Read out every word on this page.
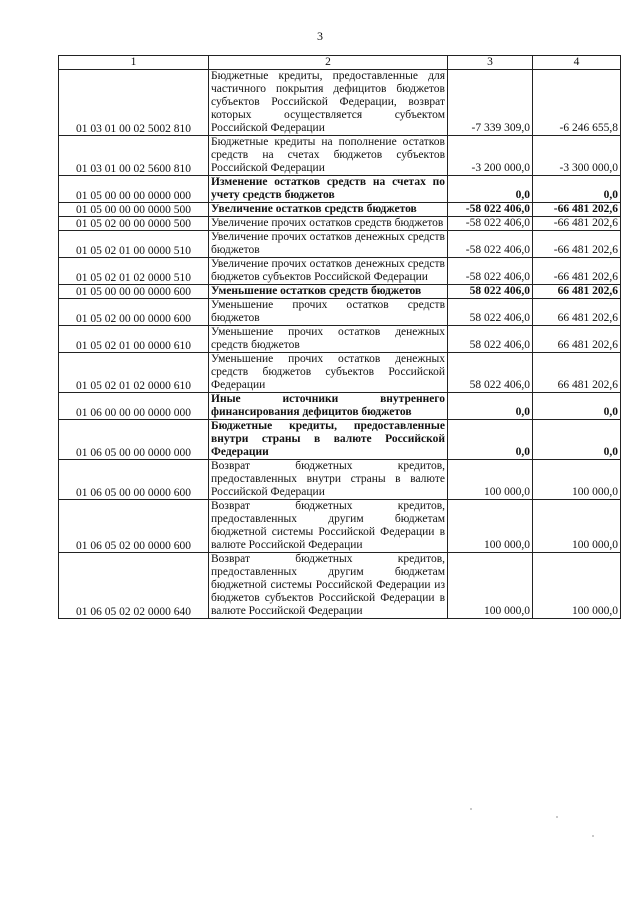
3
1	2	3	4
01 03 01 00 02 5002 810	Бюджетные кредиты, предоставленные для частичного покрытия дефицитов бюджетов субъектов Российской Федерации, возврат которых осуществляется субъектом Российской Федерации	-7 339 309,0	-6 246 655,8
01 03 01 00 02 5600 810	Бюджетные кредиты на пополнение остатков средств на счетах бюджетов субъектов Российской Федерации	-3 200 000,0	-3 300 000,0
01 05 00 00 00 0000 000	Изменение остатков средств на счетах по учету средств бюджетов	0,0	0,0
01 05 00 00 00 0000 500	Увеличение остатков средств бюджетов	-58 022 406,0	-66 481 202,6
01 05 02 00 00 0000 500	Увеличение прочих остатков средств бюджетов	-58 022 406,0	-66 481 202,6
01 05 02 01 00 0000 510	Увеличение прочих остатков денежных средств бюджетов	-58 022 406,0	-66 481 202,6
01 05 02 01 02 0000 510	Увеличение прочих остатков денежных средств бюджетов субъектов Российской Федерации	-58 022 406,0	-66 481 202,6
01 05 00 00 00 0000 600	Уменьшение остатков средств бюджетов	58 022 406,0	66 481 202,6
01 05 02 00 00 0000 600	Уменьшение прочих остатков средств бюджетов	58 022 406,0	66 481 202,6
01 05 02 01 00 0000 610	Уменьшение прочих остатков денежных средств бюджетов	58 022 406,0	66 481 202,6
01 05 02 01 02 0000 610	Уменьшение прочих остатков денежных средств бюджетов субъектов Российской Федерации	58 022 406,0	66 481 202,6
01 06 00 00 00 0000 000	Иные источники внутреннего финансирования дефицитов бюджетов	0,0	0,0
01 06 05 00 00 0000 000	Бюджетные кредиты, предоставленные внутри страны в валюте Российской Федерации	0,0	0,0
01 06 05 00 00 0000 600	Возврат бюджетных кредитов, предоставленных внутри страны в валюте Российской Федерации	100 000,0	100 000,0
01 06 05 02 00 0000 600	Возврат бюджетных кредитов, предоставленных другим бюджетам бюджетной системы Российской Федерации в валюте Российской Федерации	100 000,0	100 000,0
01 06 05 02 02 0000 640	Возврат бюджетных кредитов, предоставленных другим бюджетам бюджетной системы Российской Федерации из бюджетов субъектов Российской Федерации в валюте Российской Федерации	100 000,0	100 000,0
